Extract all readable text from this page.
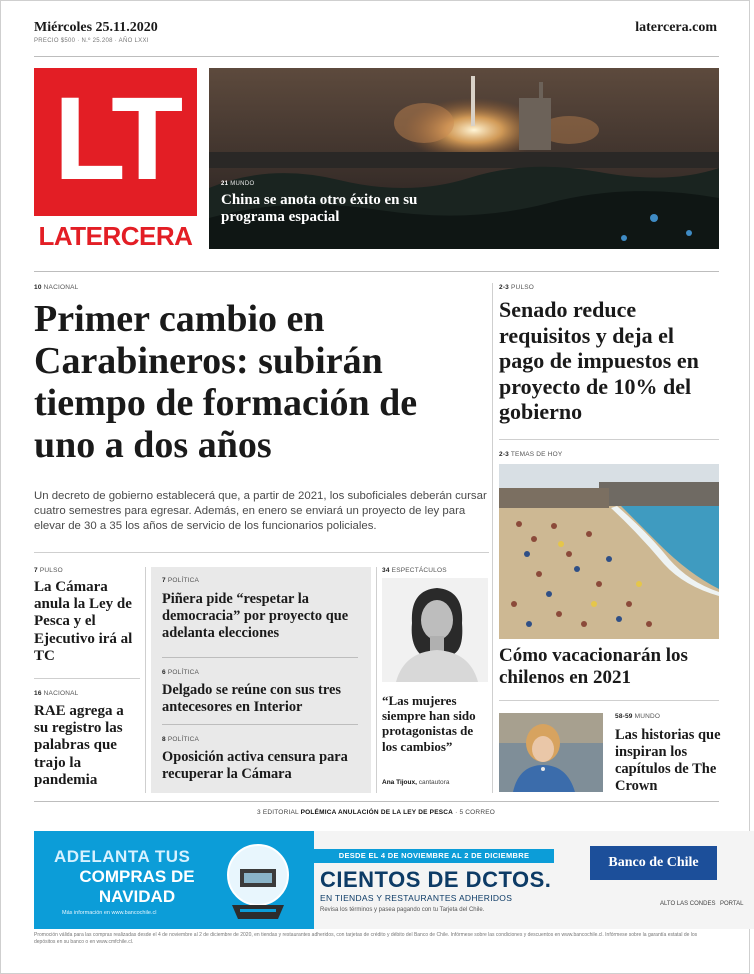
Miércoles 25.11.2020
PRECIO $500 · N.º 25.208 · AÑO LXXI
latercera.com
LT
LATERCERA
21 MUNDO
China se anota otro éxito en su programa espacial
10 NACIONAL
Primer cambio en Carabineros: subirán tiempo de formación de uno a dos años

Un decreto de gobierno establecerá que, a partir de 2021, los suboficiales deberán cursar cuatro semestres para egresar. Además, en enero se enviará un proyecto de ley para elevar de 30 a 35 los años de servicio de los funcionarios policiales.

2-3 PULSO
Senado reduce requisitos y deja el pago de impuestos en proyecto de 10% del gobierno
2-3 TEMAS DE HOY
Cómo vacacionarán los chilenos en 2021
58-59 MUNDO
Las historias que inspiran los capítulos de The Crown
7 PULSO
La Cámara anula la Ley de Pesca y el Ejecutivo irá al TC
16 NACIONAL
RAE agrega a su registro las palabras que trajo la pandemia
7 POLÍTICA
Piñera pide “respetar la democracia” por proyecto que adelanta elecciones
6 POLÍTICA
Delgado se reúne con sus tres antecesores en Interior
8 POLÍTICA
Oposición activa censura para recuperar la Cámara
34 ESPECTÁCULOS

“Las mujeres siempre han sido protagonistas de los cambios”

Ana Tijoux, cantautora
3 EDITORIAL POLÉMICA ANULACIÓN DE LA LEY DE PESCA · 5 CORREO
ADELANTA TUS
COMPRAS DE NAVIDAD
Más información en www.bancochile.cl
DESDE EL 4 DE NOVIEMBRE AL 2 DE DICIEMBRE
CIENTOS DE DCTOS.
EN TIENDAS Y RESTAURANTES ADHERIDOS
Revisa los términos y pasea pagando con tu Tarjeta del Chile.
Banco de Chile
ALTO LAS CONDES PORTAL
Promoción válida para las compras realizadas desde el 4 de noviembre al 2 de diciembre de 2020, en tiendas y restaurantes adheridos, con tarjetas de crédito y débito del Banco de Chile. Infórmese sobre las condiciones y descuentos en www.bancochile.cl. Infórmese sobre la garantía estatal de los depósitos en su banco o en www.cmfchile.cl.
